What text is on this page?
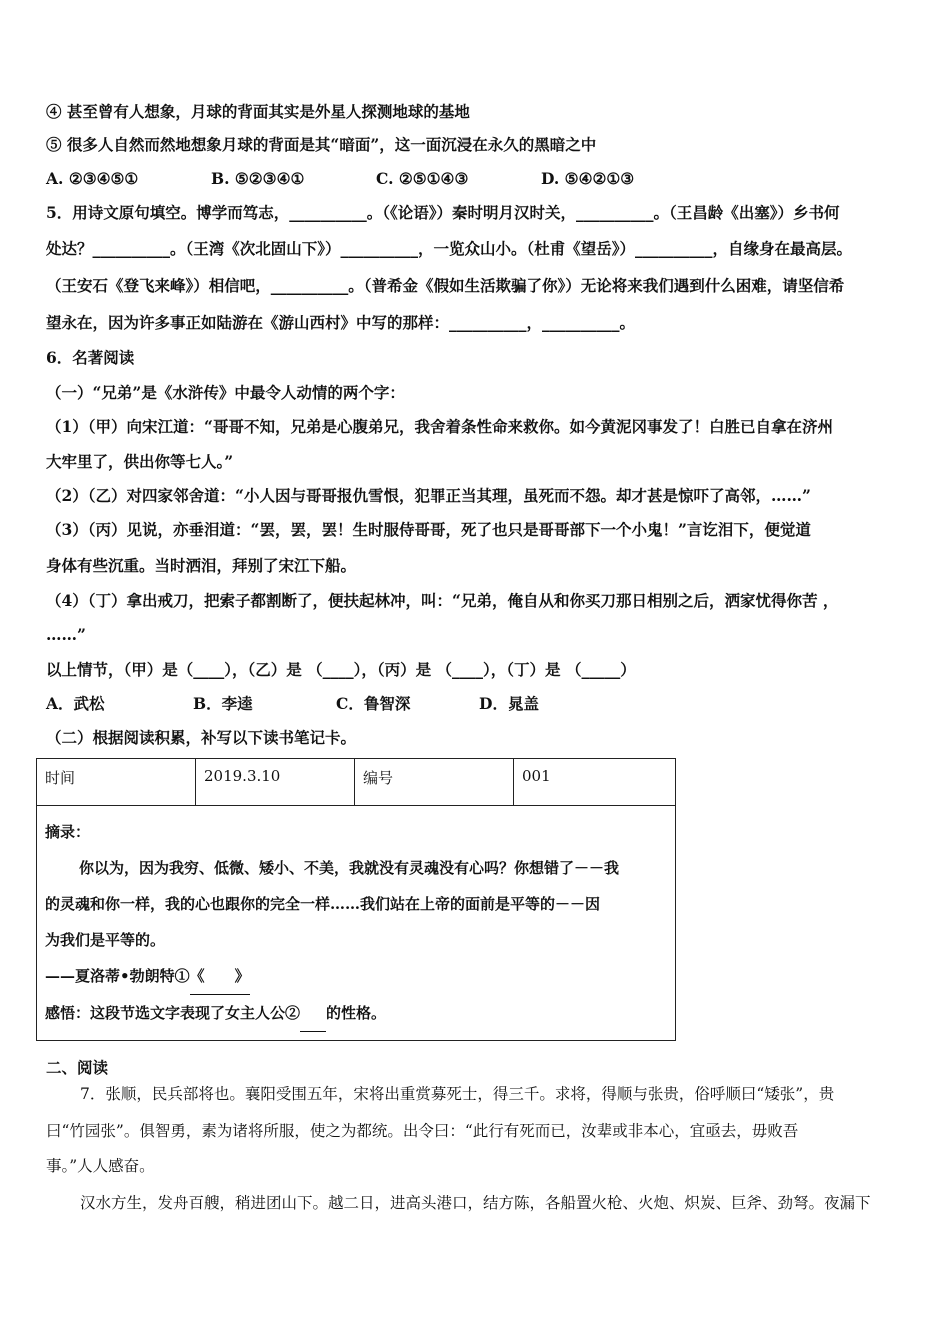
④ 甚至曾有人想象，月球的背面其实是外星人探测地球的基地
⑤ 很多人自然而然地想象月球的背面是其“暗面”，这一面沉浸在永久的黑暗之中
A. ②③④⑤①	B. ⑤②③④①	C. ②⑤①④③	D. ⑤④②①③
5．用诗文原句填空。博学而笃志，__________。（《论语》）秦时明月汉时关，__________。（王昌龄《出塞》）乡书何
处达？__________。（王湾《次北固山下》）__________，一览众山小。（杜甫《望岳》）__________，自缘身在最高层。
（王安石《登飞来峰》）相信吧，__________。（普希金《假如生活欺骗了你》）无论将来我们遇到什么困难，请坚信希
望永在，因为许多事正如陆游在《游山西村》中写的那样：__________，__________。
6．名著阅读
（一）“兄弟”是《水浒传》中最令人动情的两个字：
（1）（甲）向宋江道：“哥哥不知，兄弟是心腹弟兄，我舍着条性命来救你。如今黄泥冈事发了！白胜已自拿在济州
大牢里了，供出你等七人。”
（2）（乙）对四家邻舍道：“小人因与哥哥报仇雪恨，犯罪正当其理，虽死而不怨。却才甚是惊吓了高邻，……”
（3）（丙）见说，亦垂泪道：“罢，罢，罢！生时服侍哥哥，死了也只是哥哥部下一个小鬼！”言讫泪下，便觉道
身体有些沉重。当时洒泪，拜别了宋江下船。
（4）（丁）拿出戒刀，把索子都割断了，便扶起林冲，叫：“兄弟，俺自从和你买刀那日相别之后，洒家忧得你苦 ，
……”
以上情节，（甲）是（____），（乙）是 （____），（丙）是 （____），（丁）是 （_____）
A．武松	B．李逵	C．鲁智深	D．晁盖
（二）根据阅读积累，补写以下读书笔记卡。
时间	2019.3.10	编号	001

摘录：

你以为，因为我穷、低微、矮小、不美，我就没有灵魂没有心吗？你想错了－－我

的灵魂和你一样，我的心也跟你的完全一样……我们站在上帝的面前是平等的－－因

为我们是平等的。

——夏洛蒂•勃朗特①《　　》

感悟：这段节选文字表现了女主人公② 的性格。

二、阅读
7．张顺，民兵部将也。襄阳受围五年，宋将出重赏募死士，得三千。求将，得顺与张贵，俗呼顺曰“矮张”，贵
曰“竹园张”。俱智勇，素为诸将所服，使之为都统。出令曰：“此行有死而已，汝辈或非本心，宜亟去，毋败吾
事。”人人感奋。
汉水方生，发舟百艘，稍进团山下。越二日，进高头港口，结方陈，各船置火枪、火炮、炽炭、巨斧、劲弩。夜漏下
